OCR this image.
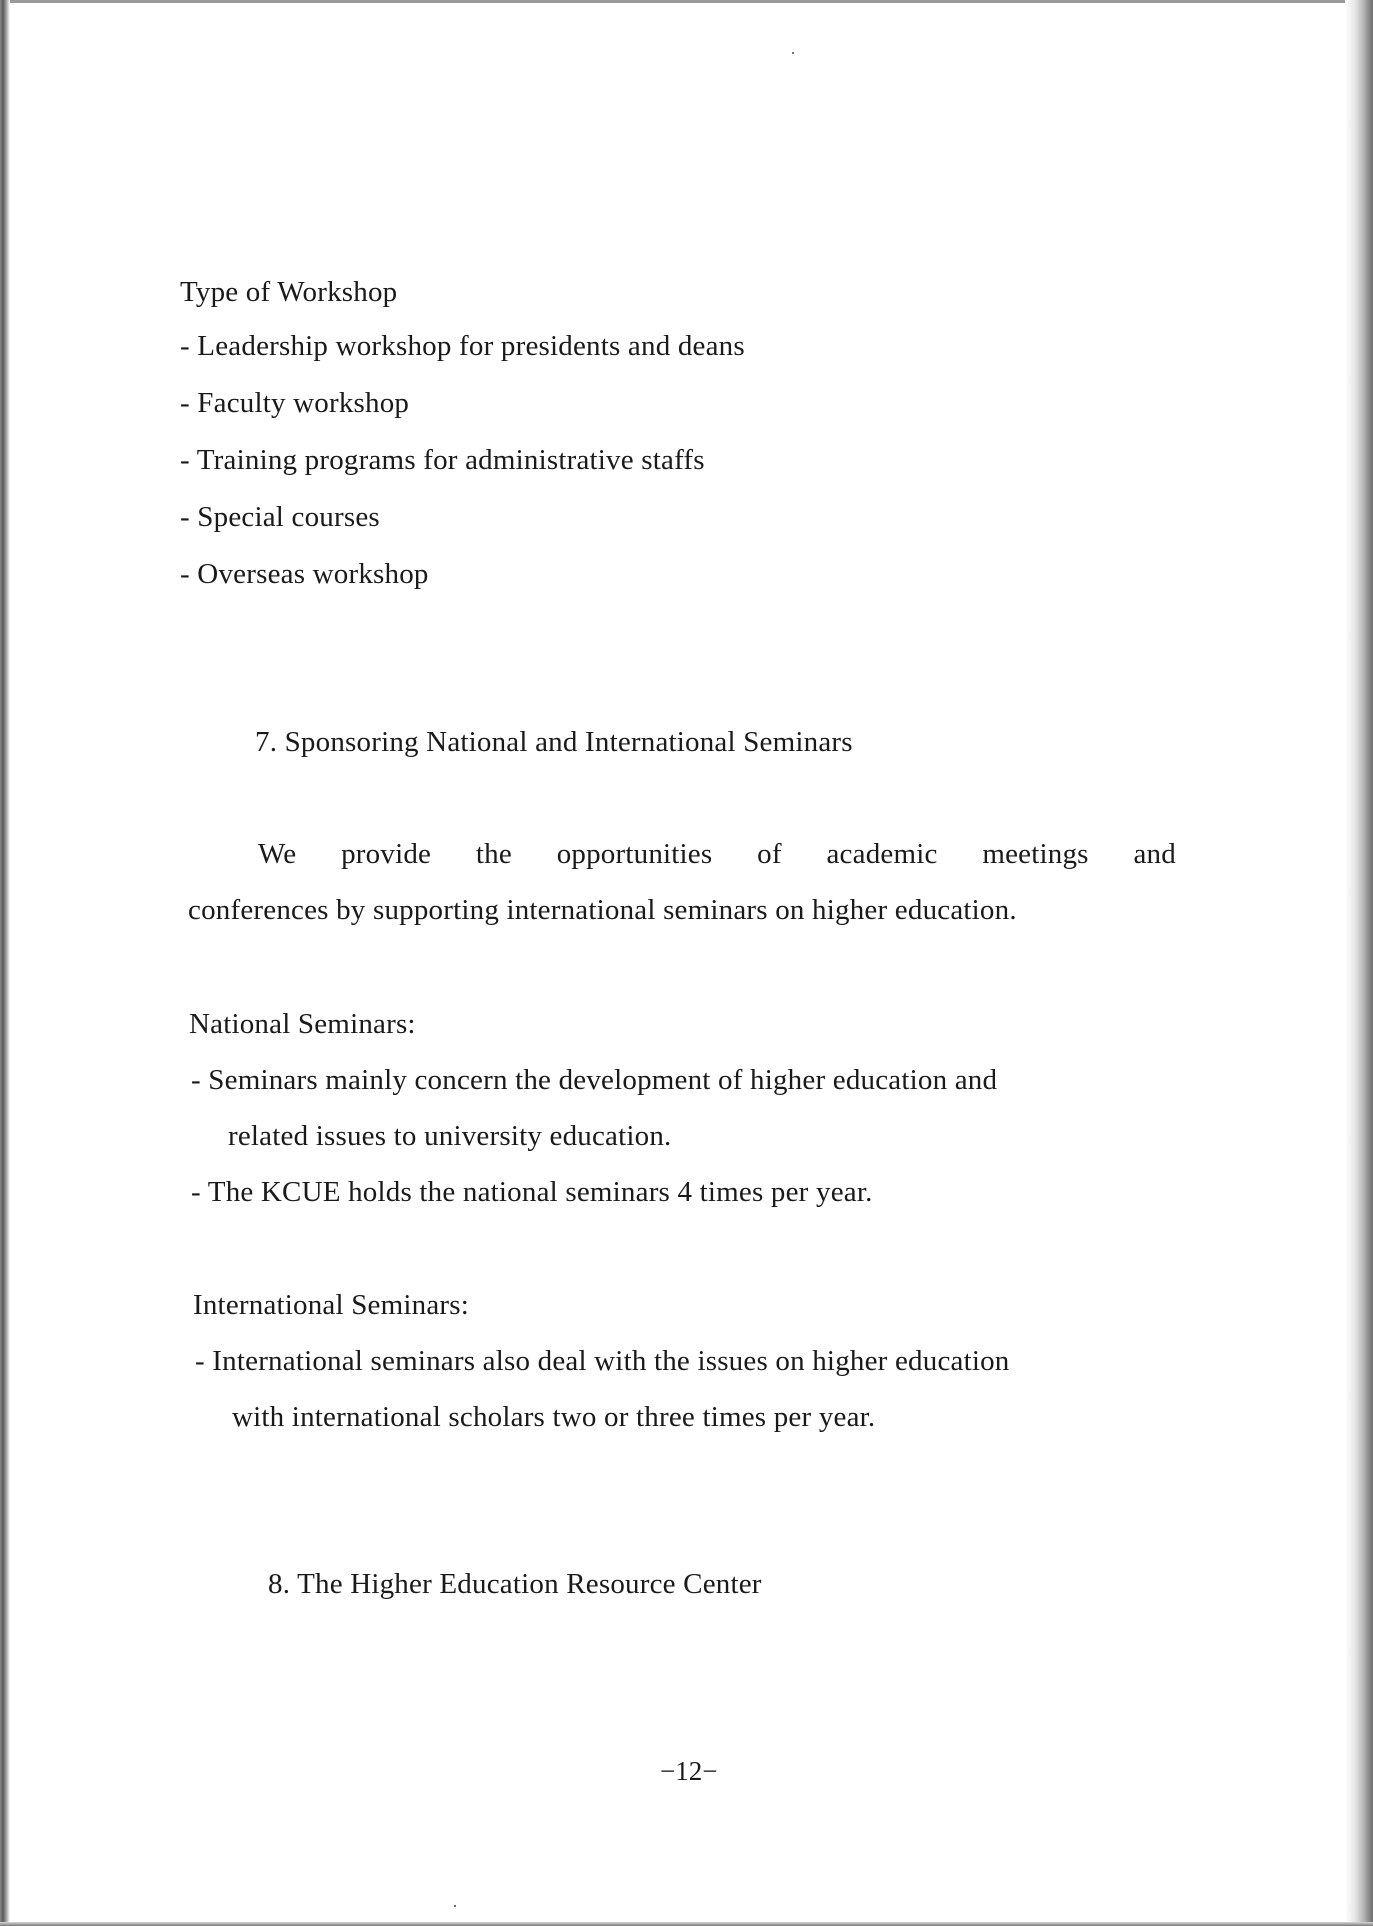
Type of Workshop
- Leadership workshop for presidents and deans
- Faculty workshop
- Training programs for administrative staffs
- Special courses
- Overseas workshop
7. Sponsoring National and International Seminars
We provide the opportunities of academic meetings and
conferences by supporting international seminars on higher education.
National Seminars:
- Seminars mainly concern the development of higher education and
related issues to university education.
- The KCUE holds the national seminars 4 times per year.
International Seminars:
- International seminars also deal with the issues on higher education
with international scholars two or three times per year.
8. The Higher Education Resource Center
−12−
